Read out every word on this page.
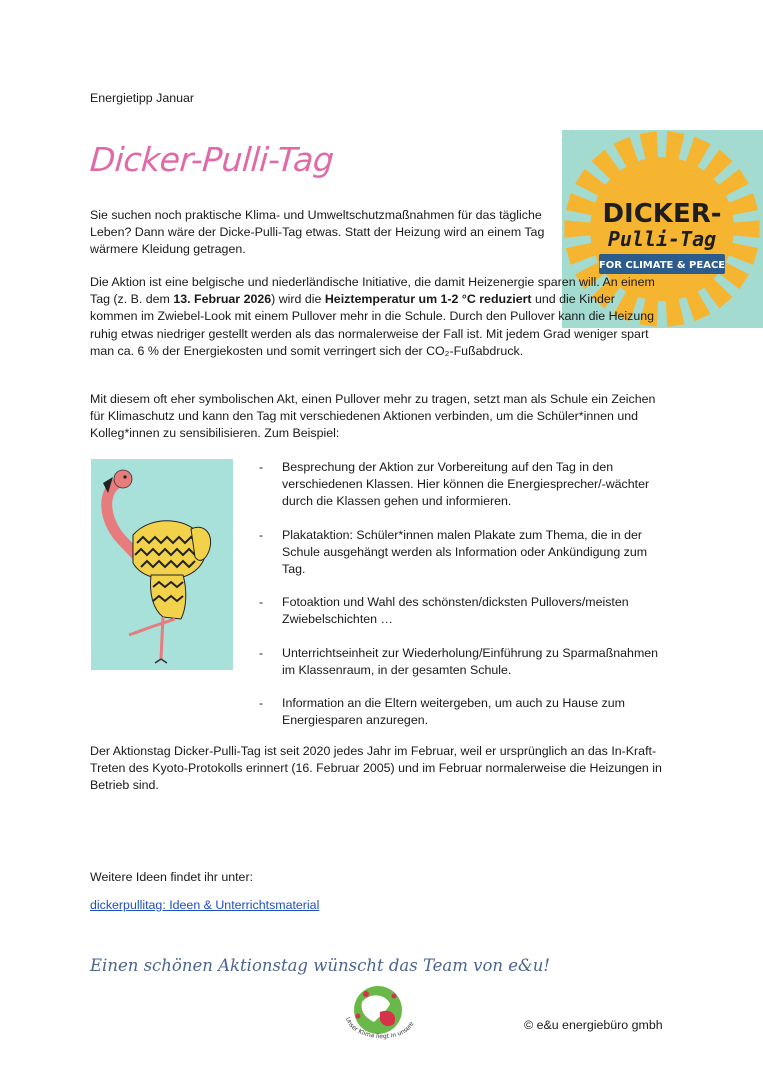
Energietipp Januar
Dicker-Pulli-Tag
DICKER-
Pulli-Tag
FOR CLIMATE & PEACE

Sie suchen noch praktische Klima- und Umweltschutzmaßnahmen für das tägliche Leben? Dann wäre der Dicke-Pulli-Tag etwas. Statt der Heizung wird an einem Tag wärmere Kleidung getragen.

Die Aktion ist eine belgische und niederländische Initiative, die damit Heizenergie sparen will. An einem Tag (z. B. dem 13. Februar 2026) wird die Heiztemperatur um 1-2 °C reduziert und die Kinder kommen im Zwiebel-Look mit einem Pullover mehr in die Schule. Durch den Pullover kann die Heizung ruhig etwas niedriger gestellt werden als das normalerweise der Fall ist. Mit jedem Grad weniger spart man ca. 6 % der Energiekosten und somit verringert sich der CO₂-Fußabdruck.

Mit diesem oft eher symbolischen Akt, einen Pullover mehr zu tragen, setzt man als Schule ein Zeichen für Klimaschutz und kann den Tag mit verschiedenen Aktionen verbinden, um die Schüler*innen und Kolleg*innen zu sensibilisieren. Zum Beispiel:

- Besprechung der Aktion zur Vorbereitung auf den Tag in den verschiedenen Klassen. Hier können die Energiesprecher/-wächter durch die Klassen gehen und informieren.
- Plakataktion: Schüler*innen malen Plakate zum Thema, die in der Schule ausgehängt werden als Information oder Ankündigung zum Tag.
- Fotoaktion und Wahl des schönsten/dicksten Pullovers/meisten Zwiebelschichten …
- Unterrichtseinheit zur Wiederholung/Einführung zu Sparmaßnahmen im Klassenraum, in der gesamten Schule.
- Information an die Eltern weitergeben, um auch zu Hause zum Energiesparen anzuregen.

Der Aktionstag Dicker-Pulli-Tag ist seit 2020 jedes Jahr im Februar, weil er ursprünglich an das In-Kraft-Treten des Kyoto-Protokolls erinnert (16. Februar 2005) und im Februar normalerweise die Heizungen in Betrieb sind.

Weitere Ideen findet ihr unter:
dickerpullitag: Ideen & Unterrichtsmaterial
Einen schönen Aktionstag wünscht das Team von e&u!
Unser Klima liegt in unsere	© e&u energiebüro gmbh
